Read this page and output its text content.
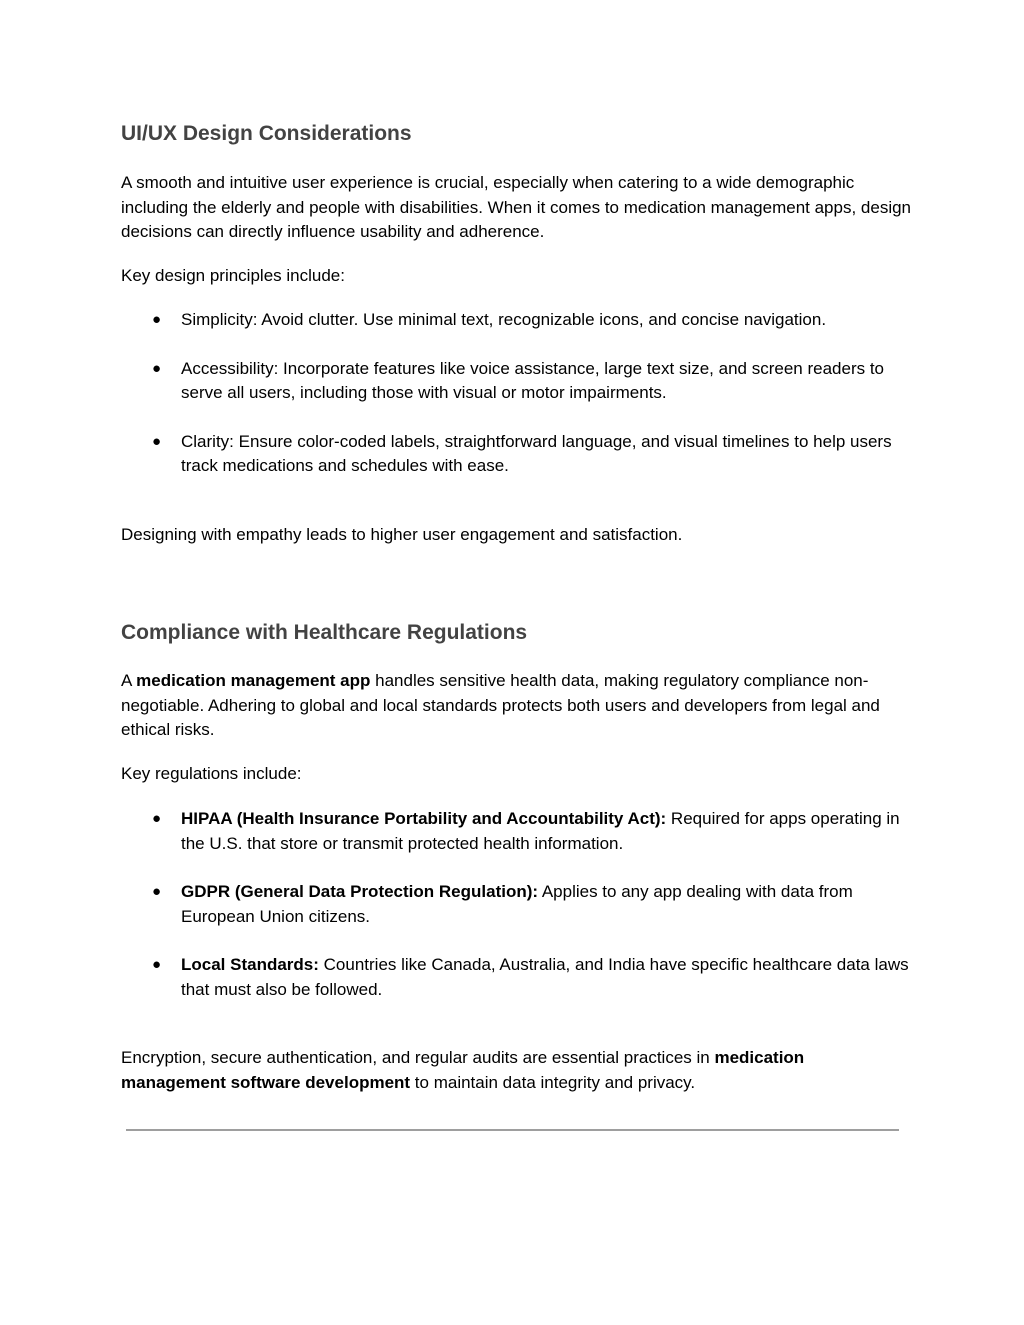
UI/UX Design Considerations

A smooth and intuitive user experience is crucial, especially when catering to a wide demographic including the elderly and people with disabilities. When it comes to medication management apps, design decisions can directly influence usability and adherence.

Key design principles include:

● Simplicity: Avoid clutter. Use minimal text, recognizable icons, and concise navigation.
● Accessibility: Incorporate features like voice assistance, large text size, and screen readers to serve all users, including those with visual or motor impairments.
● Clarity: Ensure color-coded labels, straightforward language, and visual timelines to help users track medications and schedules with ease.

Designing with empathy leads to higher user engagement and satisfaction.

Compliance with Healthcare Regulations

A medication management app handles sensitive health data, making regulatory compliance non-negotiable. Adhering to global and local standards protects both users and developers from legal and ethical risks.

Key regulations include:

● HIPAA (Health Insurance Portability and Accountability Act): Required for apps operating in the U.S. that store or transmit protected health information.
● GDPR (General Data Protection Regulation): Applies to any app dealing with data from European Union citizens.
● Local Standards: Countries like Canada, Australia, and India have specific healthcare data laws that must also be followed.

Encryption, secure authentication, and regular audits are essential practices in medication management software development to maintain data integrity and privacy.
